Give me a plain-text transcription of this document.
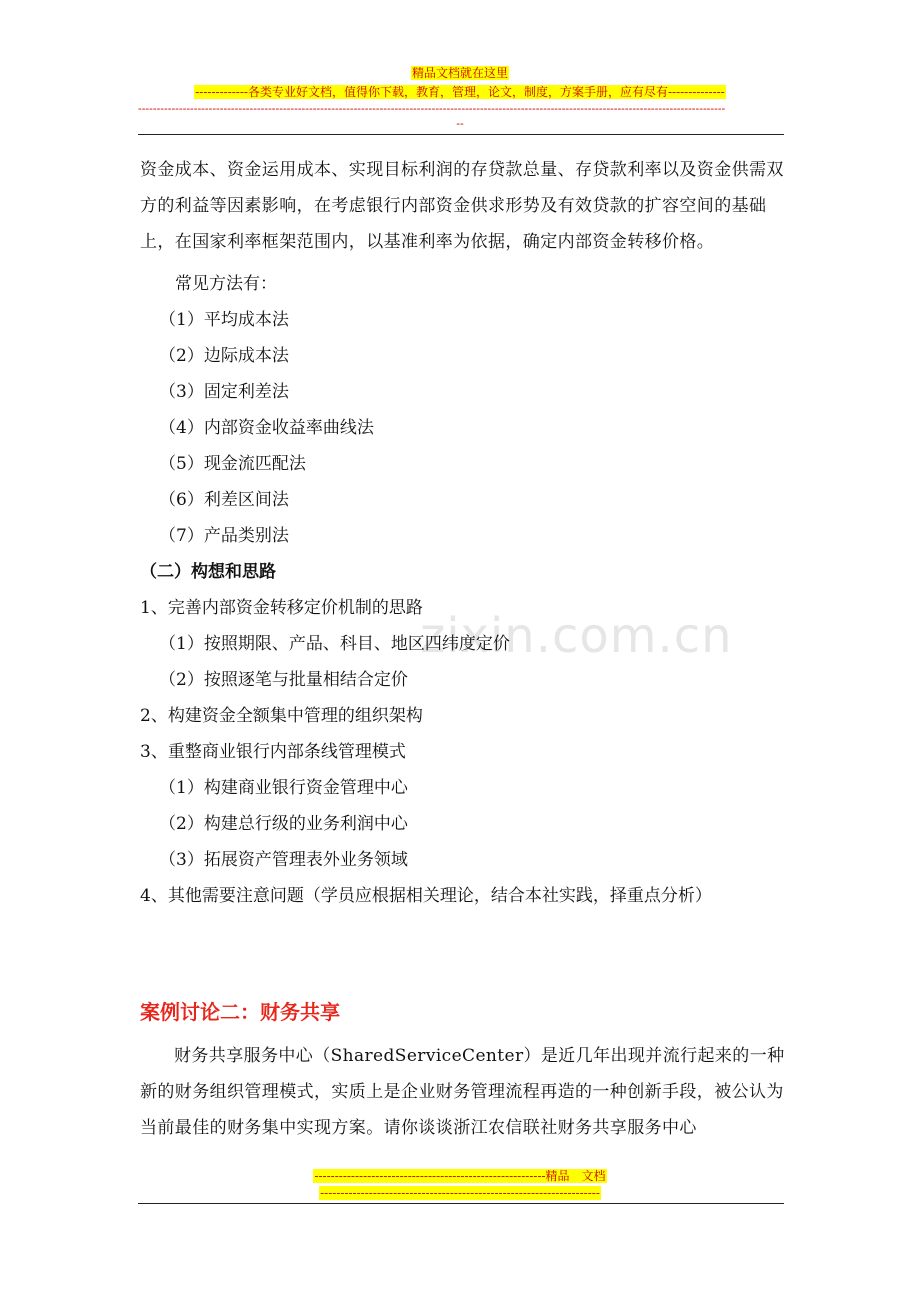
精品文档就在这里
-------------各类专业好文档，值得你下载，教育，管理，论文，制度，方案手册，应有尽有--------------
--------------------------------------------------------------------------------------------------------------------------------------------------------------
--
资金成本、资金运用成本、实现目标利润的存贷款总量、存贷款利率以及资金供需双方的利益等因素影响，在考虑银行内部资金供求形势及有效贷款的扩容空间的基础上，在国家利率框架范围内，以基准利率为依据，确定内部资金转移价格。
常见方法有：
（1）平均成本法
（2）边际成本法
（3）固定利差法
（4）内部资金收益率曲线法
（5）现金流匹配法
（6）利差区间法
（7）产品类别法
（二）构想和思路
zixin.com.cn
1、完善内部资金转移定价机制的思路
（1）按照期限、产品、科目、地区四纬度定价
（2）按照逐笔与批量相结合定价
2、构建资金全额集中管理的组织架构
3、重整商业银行内部条线管理模式
（1）构建商业银行资金管理中心
（2）构建总行级的业务利润中心
（3）拓展资产管理表外业务领域
4、其他需要注意问题（学员应根据相关理论，结合本社实践，择重点分析）
案例讨论二：财务共享
财务共享服务中心（SharedServiceCenter）是近几年出现并流行起来的一种新的财务组织管理模式，实质上是企业财务管理流程再造的一种创新手段，被公认为当前最佳的财务集中实现方案。请你谈谈浙江农信联社财务共享服务中心
---------------------------------------------------------精品　文档
---------------------------------------------------------------------
